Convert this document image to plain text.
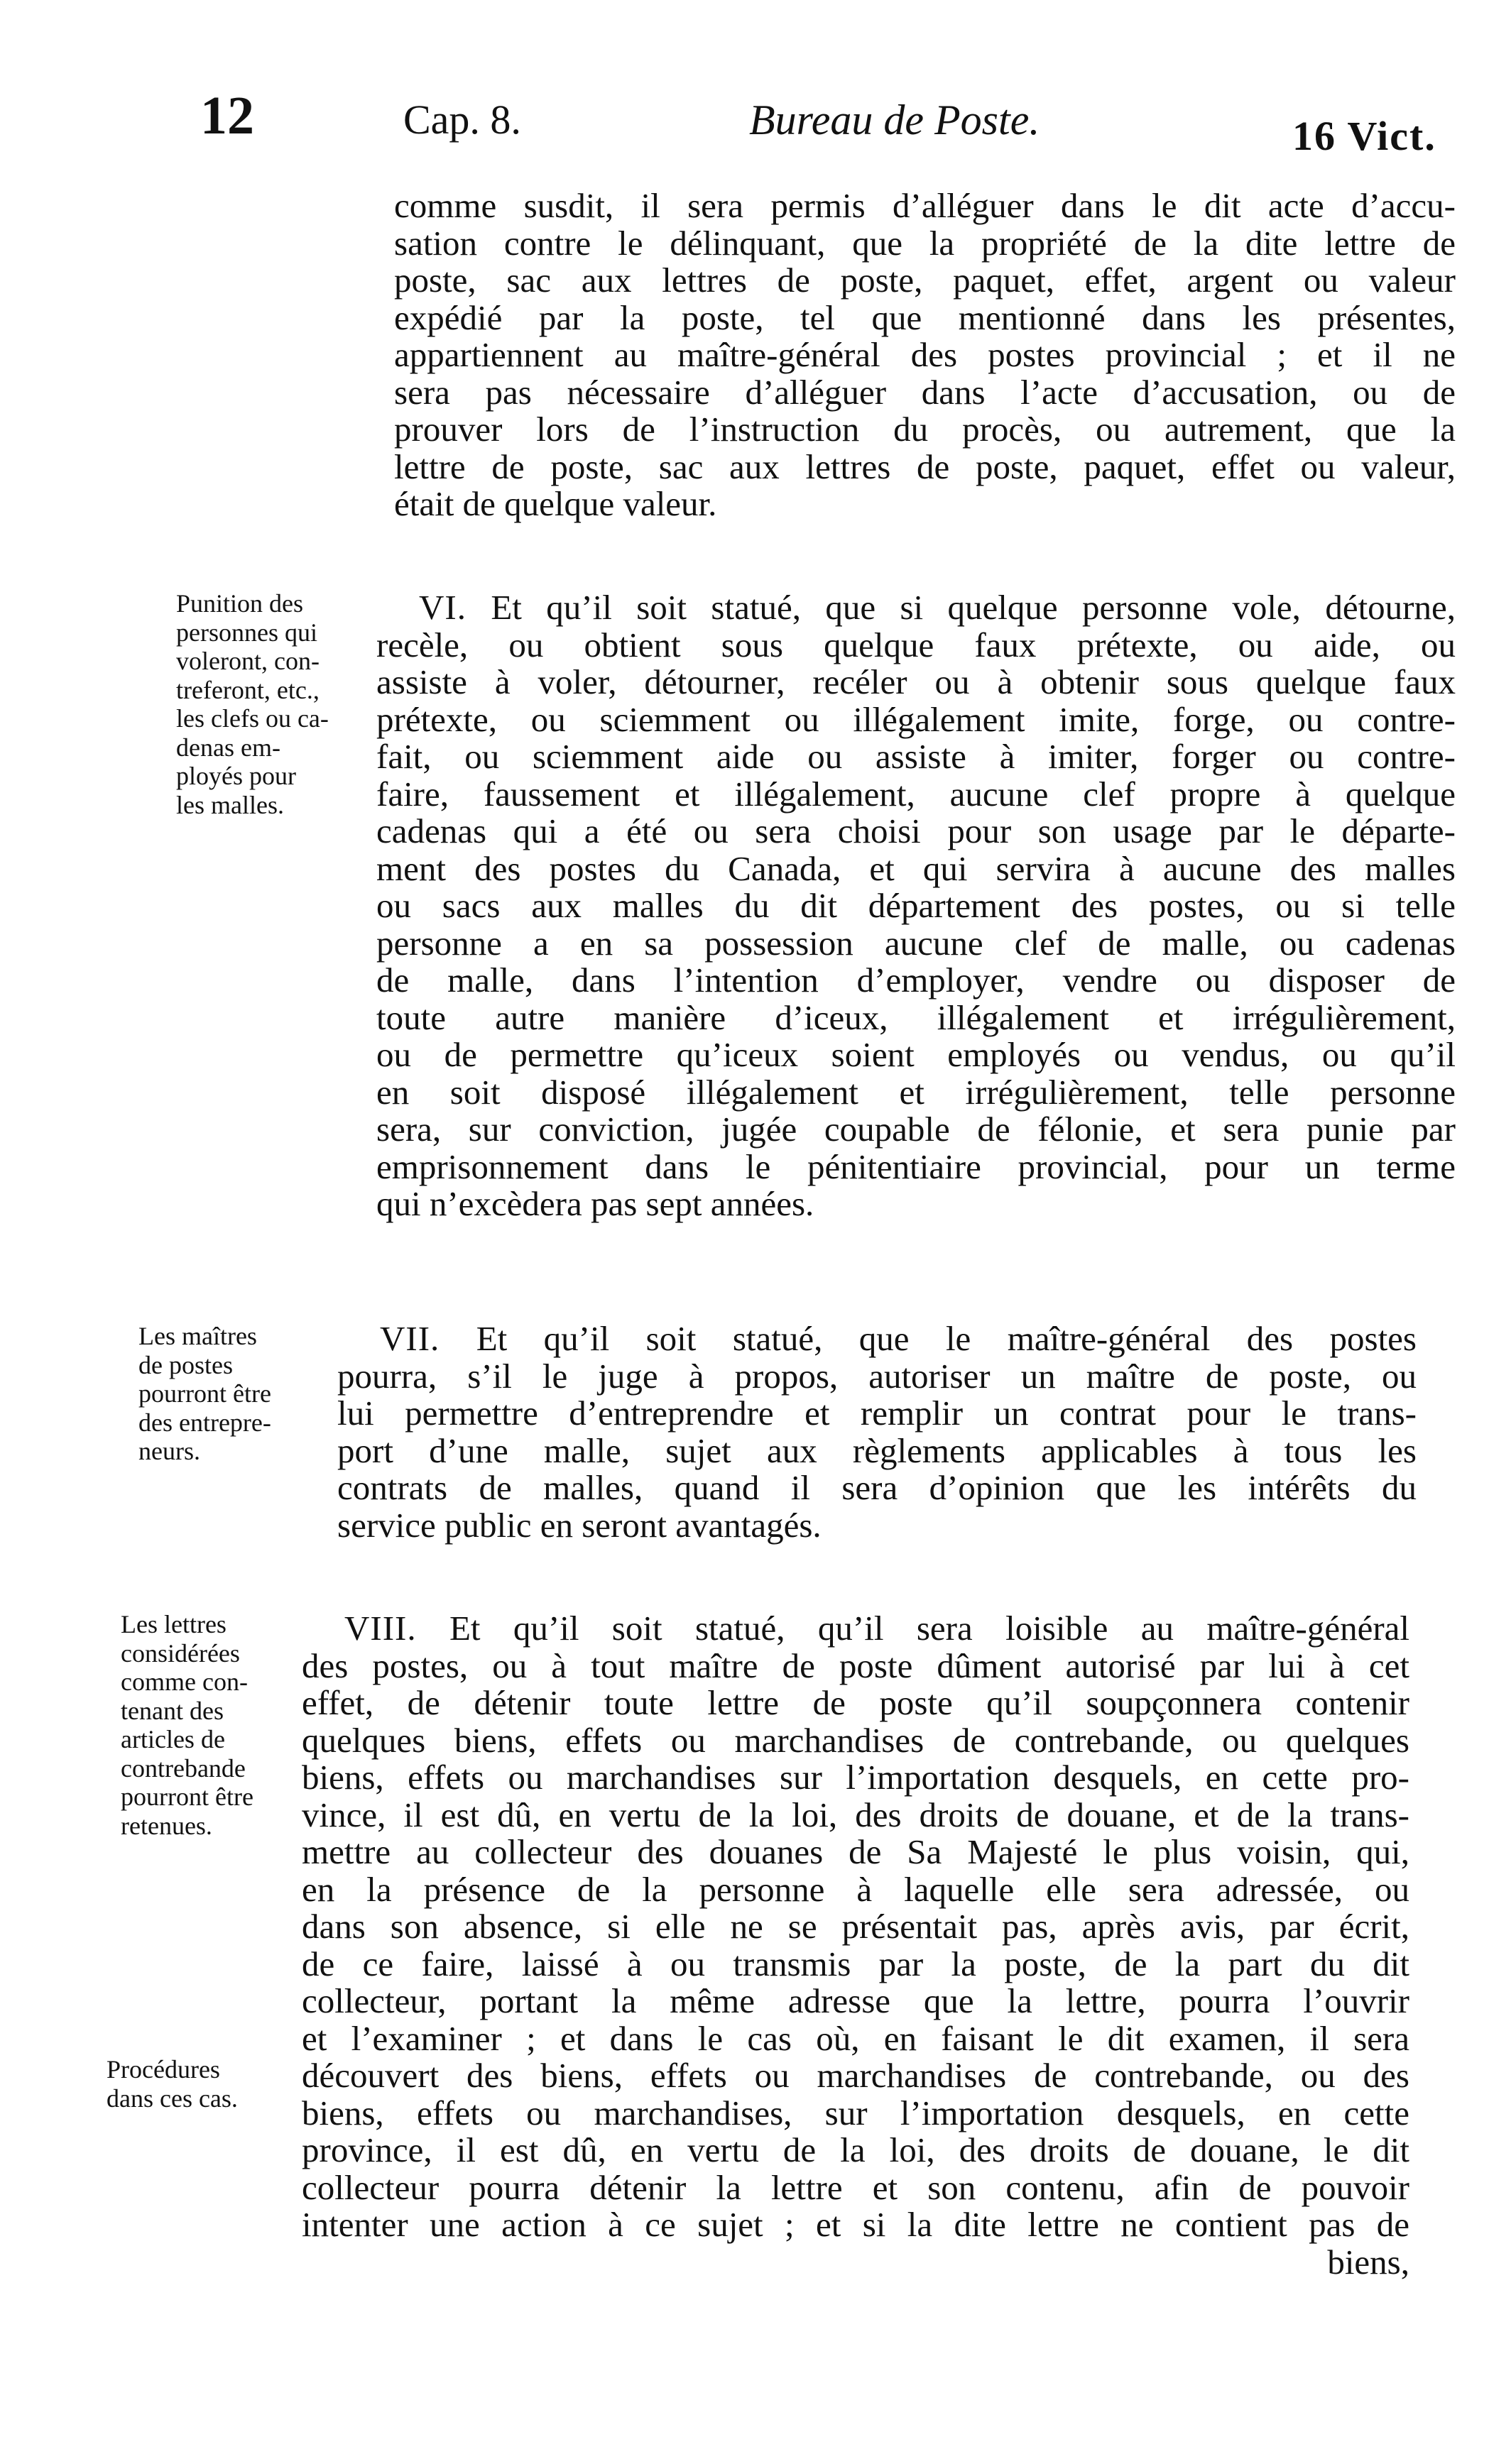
12	Cap. 8.	Bureau de Poste.	16 Vict.
comme susdit, il sera permis d’alléguer dans le dit acte d’accu-
sation contre le délinquant, que la propriété de la dite lettre de
poste, sac aux lettres de poste, paquet, effet, argent ou valeur
expédié par la poste, tel que mentionné dans les présentes,
appartiennent au maître-général des postes provincial ; et il ne
sera pas nécessaire d’alléguer dans l’acte d’accusation, ou de
prouver lors de l’instruction du procès, ou autrement, que la
lettre de poste, sac aux lettres de poste, paquet, effet ou valeur,
était de quelque valeur.
Punition des
personnes qui
voleront, con-
treferont, etc.,
les clefs ou ca-
denas em-
ployés pour
les malles.
VI. Et qu’il soit statué, que si quelque personne vole, détourne,
recèle, ou obtient sous quelque faux prétexte, ou aide, ou
assiste à voler, détourner, recéler ou à obtenir sous quelque faux
prétexte, ou sciemment ou illégalement imite, forge, ou contre-
fait, ou sciemment aide ou assiste à imiter, forger ou contre-
faire, faussement et illégalement, aucune clef propre à quelque
cadenas qui a été ou sera choisi pour son usage par le départe-
ment des postes du Canada, et qui servira à aucune des malles
ou sacs aux malles du dit département des postes, ou si telle
personne a en sa possession aucune clef de malle, ou cadenas
de malle, dans l’intention d’employer, vendre ou disposer de
toute autre manière d’iceux, illégalement et irrégulièrement,
ou de permettre qu’iceux soient employés ou vendus, ou qu’il
en soit disposé illégalement et irrégulièrement, telle personne
sera, sur conviction, jugée coupable de félonie, et sera punie par
emprisonnement dans le pénitentiaire provincial, pour un terme
qui n’excèdera pas sept années.
Les maîtres
de postes
pourront être
des entrepre-
neurs.
VII. Et qu’il soit statué, que le maître-général des postes
pourra, s’il le juge à propos, autoriser un maître de poste, ou
lui permettre d’entreprendre et remplir un contrat pour le trans-
port d’une malle, sujet aux règlements applicables à tous les
contrats de malles, quand il sera d’opinion que les intérêts du
service public en seront avantagés.
Les lettres
considérées
comme con-
tenant des
articles de
contrebande
pourront être
retenues.
Procédures
dans ces cas.
VIII. Et qu’il soit statué, qu’il sera loisible au maître-général
des postes, ou à tout maître de poste dûment autorisé par lui à cet
effet, de détenir toute lettre de poste qu’il soupçonnera contenir
quelques biens, effets ou marchandises de contrebande, ou quelques
biens, effets ou marchandises sur l’importation desquels, en cette pro-
vince, il est dû, en vertu de la loi, des droits de douane, et de la trans-
mettre au collecteur des douanes de Sa Majesté le plus voisin, qui,
en la présence de la personne à laquelle elle sera adressée, ou
dans son absence, si elle ne se présentait pas, après avis, par écrit,
de ce faire, laissé à ou transmis par la poste, de la part du dit
collecteur, portant la même adresse que la lettre, pourra l’ouvrir
et l’examiner ; et dans le cas où, en faisant le dit examen, il sera
découvert des biens, effets ou marchandises de contrebande, ou des
biens, effets ou marchandises, sur l’importation desquels, en cette
province, il est dû, en vertu de la loi, des droits de douane, le dit
collecteur pourra détenir la lettre et son contenu, afin de pouvoir
intenter une action à ce sujet ; et si la dite lettre ne contient pas de
biens,
